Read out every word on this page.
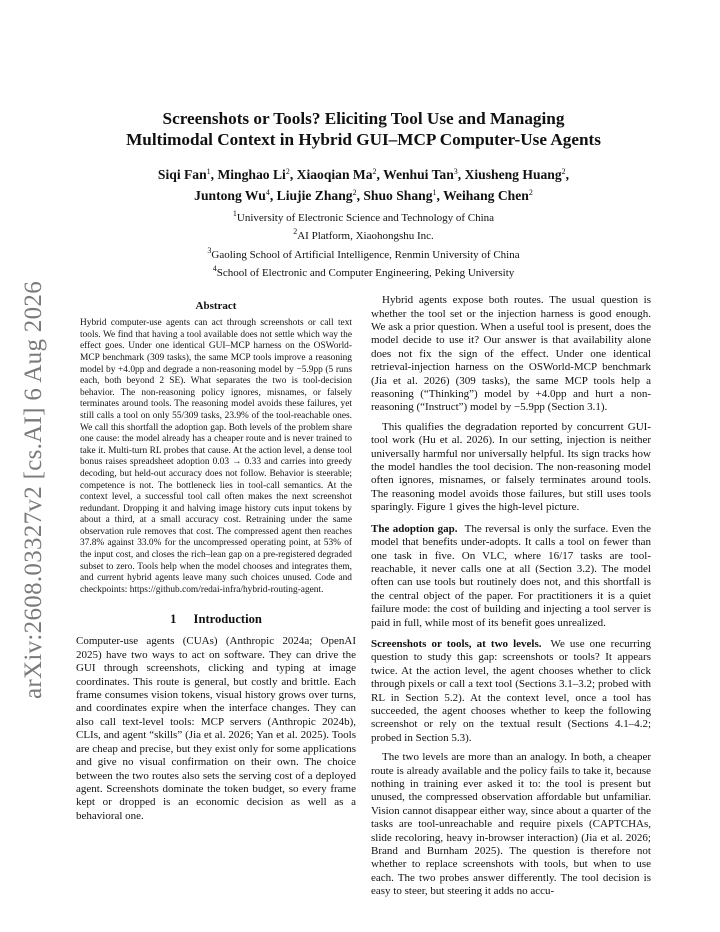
arXiv:2608.03327v2 [cs.AI] 6 Aug 2026
Screenshots or Tools? Eliciting Tool Use and Managing
Multimodal Context in Hybrid GUI–MCP Computer-Use Agents
Siqi Fan$^1$, Minghao Li$^2$, Xiaoqian Ma$^2$, Wenhui Tan$^3$, Xiusheng Huang$^2$,
Juntong Wu$^4$, Liujie Zhang$^2$, Shuo Shang$^1$, Weihang Chen$^2$
$^1$University of Electronic Science and Technology of China
$^2$AI Platform, Xiaohongshu Inc.
$^3$Gaoling School of Artificial Intelligence, Renmin University of China
$^4$School of Electronic and Computer Engineering, Peking University
Abstract

Hybrid computer-use agents can act through screenshots or call text tools. We find that having a tool available does not settle which way the effect goes. Under one identical GUI–MCP harness on the OSWorld-MCP benchmark (309 tasks), the same MCP tools improve a reasoning model by +4.0pp and degrade a non-reasoning model by −5.9pp (5 runs each, both beyond 2 SE). What separates the two is tool-decision behavior. The non-reasoning policy ignores, misnames, or falsely terminates around tools. The reasoning model avoids these failures, yet still calls a tool on only 55/309 tasks, 23.9% of the tool-reachable ones. We call this shortfall the adoption gap. Both levels of the problem share one cause: the model already has a cheaper route and is never trained to take it. Multi-turn RL probes that cause. At the action level, a dense tool bonus raises spreadsheet adoption 0.03 → 0.33 and carries into greedy decoding, but held-out accuracy does not follow. Behavior is steerable; competence is not. The bottleneck lies in tool-call semantics. At the context level, a successful tool call often makes the next screenshot redundant. Dropping it and halving image history cuts input tokens by about a third, at a small accuracy cost. Retraining under the same observation rule removes that cost. The compressed agent then reaches 37.8% against 33.0% for the uncompressed operating point, at 53% of the input cost, and closes the rich–lean gap on a pre-registered degraded subset to zero. Tools help when the model chooses and integrates them, and current hybrid agents leave many such choices unused. Code and checkpoints: https://github.com/redai-infra/hybrid-routing-agent.

1 Introduction

Computer-use agents (CUAs) (Anthropic 2024a; OpenAI 2025) have two ways to act on software. They can drive the GUI through screenshots, clicking and typing at image coordinates. This route is general, but costly and brittle. Each frame consumes vision tokens, visual history grows over turns, and coordinates expire when the interface changes. They can also call text-level tools: MCP servers (Anthropic 2024b), CLIs, and agent “skills” (Jia et al. 2026; Yan et al. 2025). Tools are cheap and precise, but they exist only for some applications and give no visual confirmation on their own. The choice between the two routes also sets the serving cost of a deployed agent. Screenshots dominate the token budget, so every frame kept or dropped is an economic decision as well as a behavioral one.

Hybrid agents expose both routes. The usual question is whether the tool set or the injection harness is good enough. We ask a prior question. When a useful tool is present, does the model decide to use it? Our answer is that availability alone does not fix the sign of the effect. Under one identical retrieval-injection harness on the OSWorld-MCP benchmark (Jia et al. 2026) (309 tasks), the same MCP tools help a reasoning (“Thinking”) model by +4.0pp and hurt a non-reasoning (“Instruct”) model by −5.9pp (Section 3.1).

This qualifies the degradation reported by concurrent GUI-tool work (Hu et al. 2026). In our setting, injection is neither universally harmful nor universally helpful. Its sign tracks how the model handles the tool decision. The non-reasoning model often ignores, misnames, or falsely terminates around tools. The reasoning model avoids those failures, but still uses tools sparingly. Figure 1 gives the high-level picture.

The adoption gap. The reversal is only the surface. Even the model that benefits under-adopts. It calls a tool on fewer than one task in five. On VLC, where 16/17 tasks are tool-reachable, it never calls one at all (Section 3.2). The model often can use tools but routinely does not, and this shortfall is the central object of the paper. For practitioners it is a quiet failure mode: the cost of building and injecting a tool server is paid in full, while most of its benefit goes unrealized.

Screenshots or tools, at two levels. We use one recurring question to study this gap: screenshots or tools? It appears twice. At the action level, the agent chooses whether to click through pixels or call a text tool (Sections 3.1–3.2; probed with RL in Section 5.2). At the context level, once a tool has succeeded, the agent chooses whether to keep the following screenshot or rely on the textual result (Sections 4.1–4.2; probed in Section 5.3).

The two levels are more than an analogy. In both, a cheaper route is already available and the policy fails to take it, because nothing in training ever asked it to: the tool is present but unused, the compressed observation affordable but unfamiliar. Vision cannot disappear either way, since about a quarter of the tasks are tool-unreachable and require pixels (CAPTCHAs, slide recoloring, heavy in-browser interaction) (Jia et al. 2026; Brand and Burnham 2025). The question is therefore not whether to replace screenshots with tools, but when to use each. The two probes answer differently. The tool decision is easy to steer, but steering it adds no accu-
